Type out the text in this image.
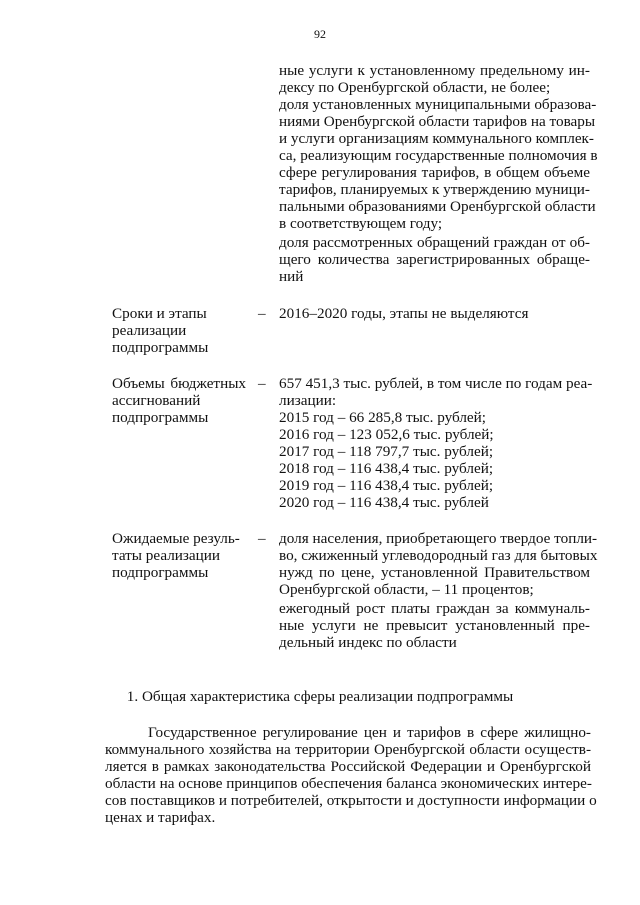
92
ные услуги к установленному предельному ин-
дексу по Оренбургской области, не более;
доля установленных муниципальными образова-
ниями Оренбургской области тарифов на товары
и услуги организациям коммунального комплек-
са, реализующим государственные полномочия в
сфере регулирования тарифов, в общем объеме
тарифов, планируемых к утверждению муници-
пальными образованиями Оренбургской области
в соответствующем году;
доля рассмотренных обращений граждан от об-
щего количества зарегистрированных обраще-
ний
Сроки и этапы
реализации
подпрограммы
– 2016–2020 годы, этапы не выделяются
Объемы бюджетных
ассигнований
подпрограммы
– 657 451,3 тыс. рублей, в том числе по годам реа-
лизации:
2015 год – 66 285,8 тыс. рублей;
2016 год – 123 052,6 тыс. рублей;
2017 год – 118 797,7 тыс. рублей;
2018 год – 116 438,4 тыс. рублей;
2019 год – 116 438,4 тыс. рублей;
2020 год – 116 438,4 тыс. рублей
Ожидаемые резуль-
таты реализации
подпрограммы
– доля населения, приобретающего твердое топли-
во, сжиженный углеводородный газ для бытовых
нужд по цене, установленной Правительством
Оренбургской области, – 11 процентов;
ежегодный рост платы граждан за коммуналь-
ные услуги не превысит установленный пре-
дельный индекс по области
1. Общая характеристика сферы реализации подпрограммы
Государственное регулирование цен и тарифов в сфере жилищно-
коммунального хозяйства на территории Оренбургской области осуществ-
ляется в рамках законодательства Российской Федерации и Оренбургской
области на основе принципов обеспечения баланса экономических интере-
сов поставщиков и потребителей, открытости и доступности информации о
ценах и тарифах.
